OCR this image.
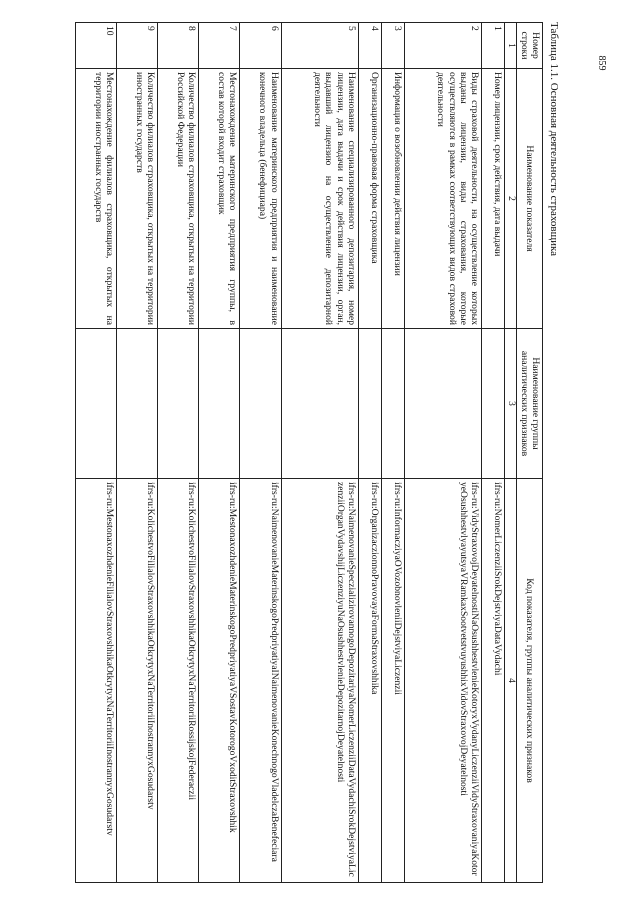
859
Таблица 1.1. Основная деятельность страховщика
Номер строки	Наименование показателя	Наименование группы аналитических признаков	Код показателя, группы аналитических признаков
1	2	3	4
1	Номер лицензии, срок действия, дата выдачи		ifrs-ru:NomerLiczenziiSrokDejstviyaDataVydachi
2	Виды страховой деятельности, на осуществление которых выданы лицензии, виды страхования, которые осуществляются в рамках соответствующих видов страховой деятельности		ifrs-ru:VidyStraxovojDeyatelnostiNaOsushhestvlenieKotoryxVydanyLiczenziiVidyStraxovaniyaKotoryeOsushhestvlyayutsyaVRamkaxSootvetstvuyushhixVidovStraxovojDeyatelnosti
3	Информация о возобновлении действия лицензии		ifrs-ru:InformacziyaOVozobnovleniiDejstviyaLiczenzii
4	Организационно-правовая форма страховщика		ifrs-ru:OrganizaczionnoPravovayaFormaStraxovshhika
5	Наименование специализированного депозитария, номер лицензии, дата выдачи и срок действия лицензии, орган, выдавший лицензию на осуществление депозитарной деятельности		ifrs-ru:NaimenovanieSpeczializirovannogoDepozitariyaNomerLiczenziiDataVydachiSrokDejstviyaLiczenziiOrganVydavshijLiczenziyuNaOsushhestvlenieDepozitarnojDeyatelnosti
6	Наименование материнского предприятия и наименование конечного владельца (бенефициара)		ifrs-ru:NaimenovanieMaterinskogoPredpriyatiyaINaimenovanieKonechnogoVladelczaBenefeciara
7	Местонахождение материнского предприятия группы, в состав которой входит страховщик		ifrs-ru:MestonaxozhdenieMaterinskogoPredpriyatiyaVSostavKotorogoVxoditStraxovshhik
8	Количество филиалов страховщика, открытых на территории Российской Федерации		ifrs-ru:KolichestvoFilialovStraxovshhikaOtkrytyxNaTerritoriiRossijskojFederaczii
9	Количество филиалов страховщика, открытых на территории иностранных государств		ifrs-ru:KolichestvoFilialovStraxovshhikaOtkrytyxNaTerritoriiInostrannyxGosudarstv
10	Местонахождение филиалов страховщика, открытых на территории иностранных государств		ifrs-ru:MestonaxozhdenieFilialovStraxovshhikaOtkrytyxNaTerritoriiInostrannyxGosudarstv
